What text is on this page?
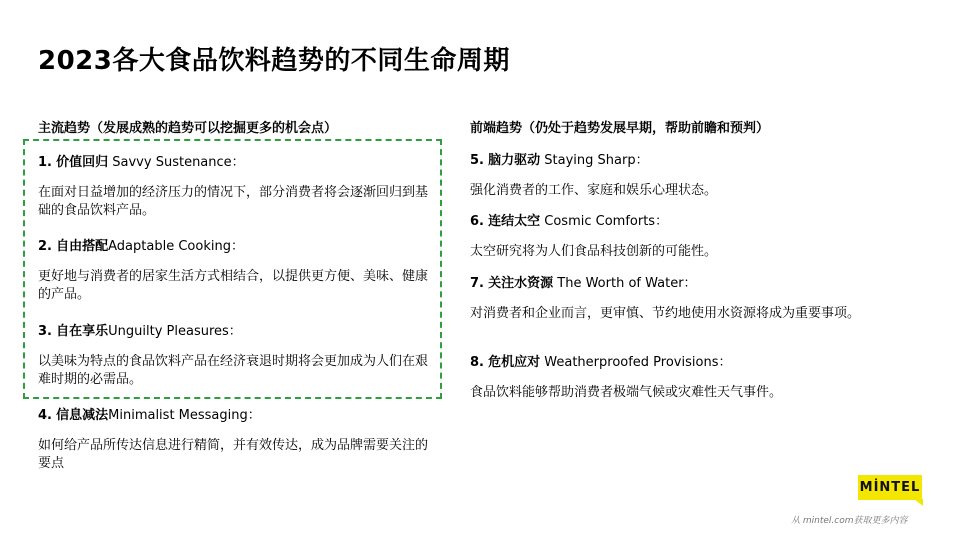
2023各大食品饮料趋势的不同生命周期
主流趋势（发展成熟的趋势可以挖掘更多的机会点）	前端趋势（仍处于趋势发展早期，帮助前瞻和预判）
1. 价值回归 Savvy Sustenance：
在面对日益增加的经济压力的情况下，部分消费者将会逐渐回归到基础的食品饮料产品。
2. 自由搭配Adaptable Cooking：
更好地与消费者的居家生活方式相结合，以提供更方便、美味、健康的产品。
3. 自在享乐Unguilty Pleasures：
以美味为特点的食品饮料产品在经济衰退时期将会更加成为人们在艰难时期的必需品。
4. 信息减法Minimalist Messaging：
如何给产品所传达信息进行精简，并有效传达，成为品牌需要关注的要点
5. 脑力驱动 Staying Sharp：
强化消费者的工作、家庭和娱乐心理状态。
6. 连结太空 Cosmic Comforts：
太空研究将为人们食品科技创新的可能性。
7. 关注水资源 The Worth of Water：
对消费者和企业而言，更审慎、节约地使用水资源将成为重要事项。
8. 危机应对 Weatherproofed Provisions：
食品饮料能够帮助消费者极端气候或灾难性天气事件。
MİNTEL
从 mintel.com获取更多内容
